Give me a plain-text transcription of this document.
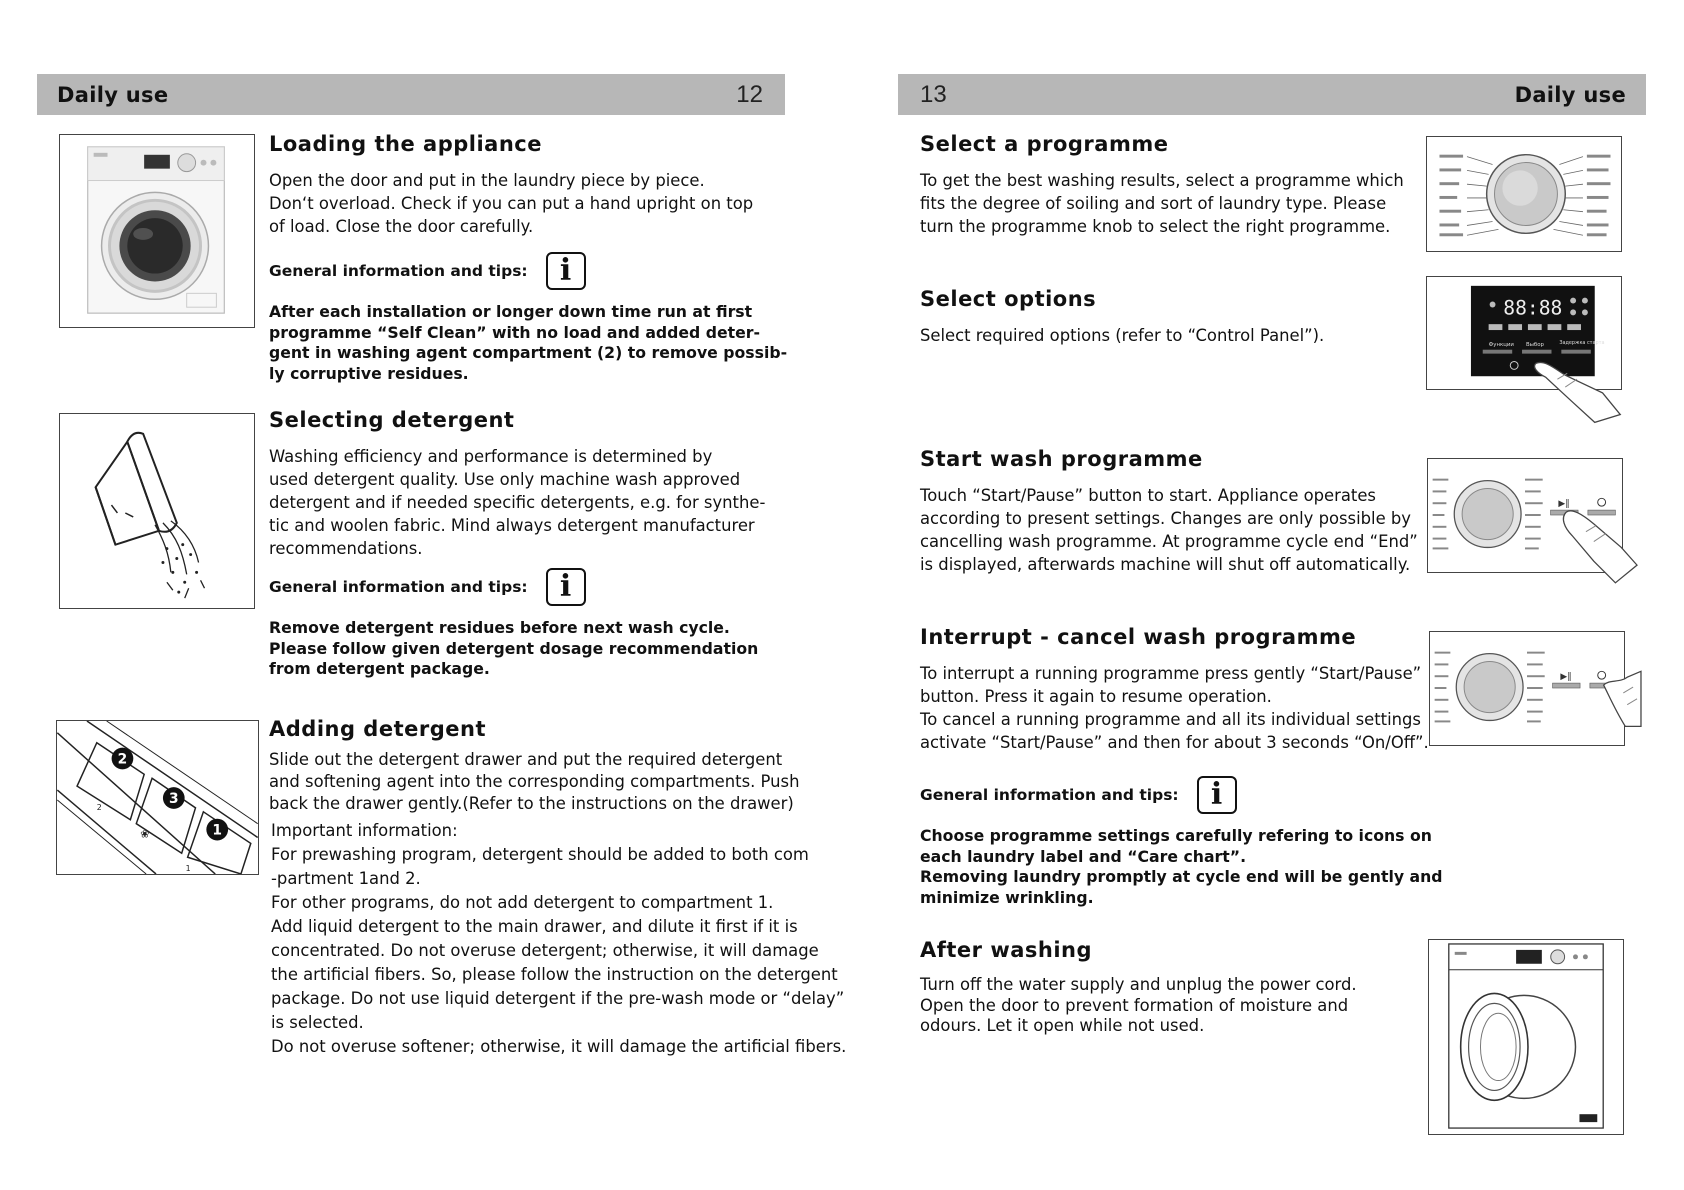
Daily use	12
Loading the appliance

Open the door and put in the laundry piece by piece.
Don‘t overload. Check if you can put a hand upright on top
of load. Close the door carefully.

General information and tips:	i

After each installation or longer down time run at first
programme “Self Clean” with no load and added deter-
gent in washing agent compartment (2) to remove possib-
ly corruptive residues.

Selecting detergent

Washing efficiency and performance is determined by
used detergent quality. Use only machine wash approved
detergent and if needed specific detergents, e.g. for synthe-
tic and woolen fabric. Mind always detergent manufacturer
recommendations.

General information and tips:	i

Remove detergent residues before next wash cycle.
Please follow given detergent dosage recommendation
from detergent package.

2
3
1
2
1
❀
Adding detergent

Slide out the detergent drawer and put the required detergent
and softening agent into the corresponding compartments. Push
back the drawer gently.(Refer to the instructions on the drawer)

Important information:
For prewashing program, detergent should be added to both com
-partment 1and 2.
For other programs, do not add detergent to compartment 1.
Add liquid detergent to the main drawer, and dilute it first if it is
concentrated. Do not overuse detergent; otherwise, it will damage
the artificial fibers. So, please follow the instruction on the detergent
package. Do not use liquid detergent if the pre-wash mode or “delay”
is selected.
Do not overuse softener; otherwise, it will damage the artificial fibers.

13	Daily use
Select a programme

To get the best washing results, select a programme which
fits the degree of soiling and sort of laundry type. Please
turn the programme knob to select the right programme.

Select options

Select required options (refer to “Control Panel”).

88:88
Функции Выбор	Задержка старта
Start wash programme

Touch “Start/Pause” button to start. Appliance operates
according to present settings. Changes are only possible by
cancelling wash programme. At programme cycle end “End”
is displayed, afterwards machine will shut off automatically.

▶‖
Interrupt - cancel wash programme

To interrupt a running programme press gently “Start/Pause”
button. Press it again to resume operation.
To cancel a running programme and all its individual settings
activate “Start/Pause” and then for about 3 seconds “On/Off”.

General information and tips:	i

Choose programme settings carefully refering to icons on
each laundry label and “Care chart”.
Removing laundry promptly at cycle end will be gently and
minimize wrinkling.

▶‖
After washing

Turn off the water supply and unplug the power cord.
Open the door to prevent formation of moisture and
odours. Let it open while not used.
